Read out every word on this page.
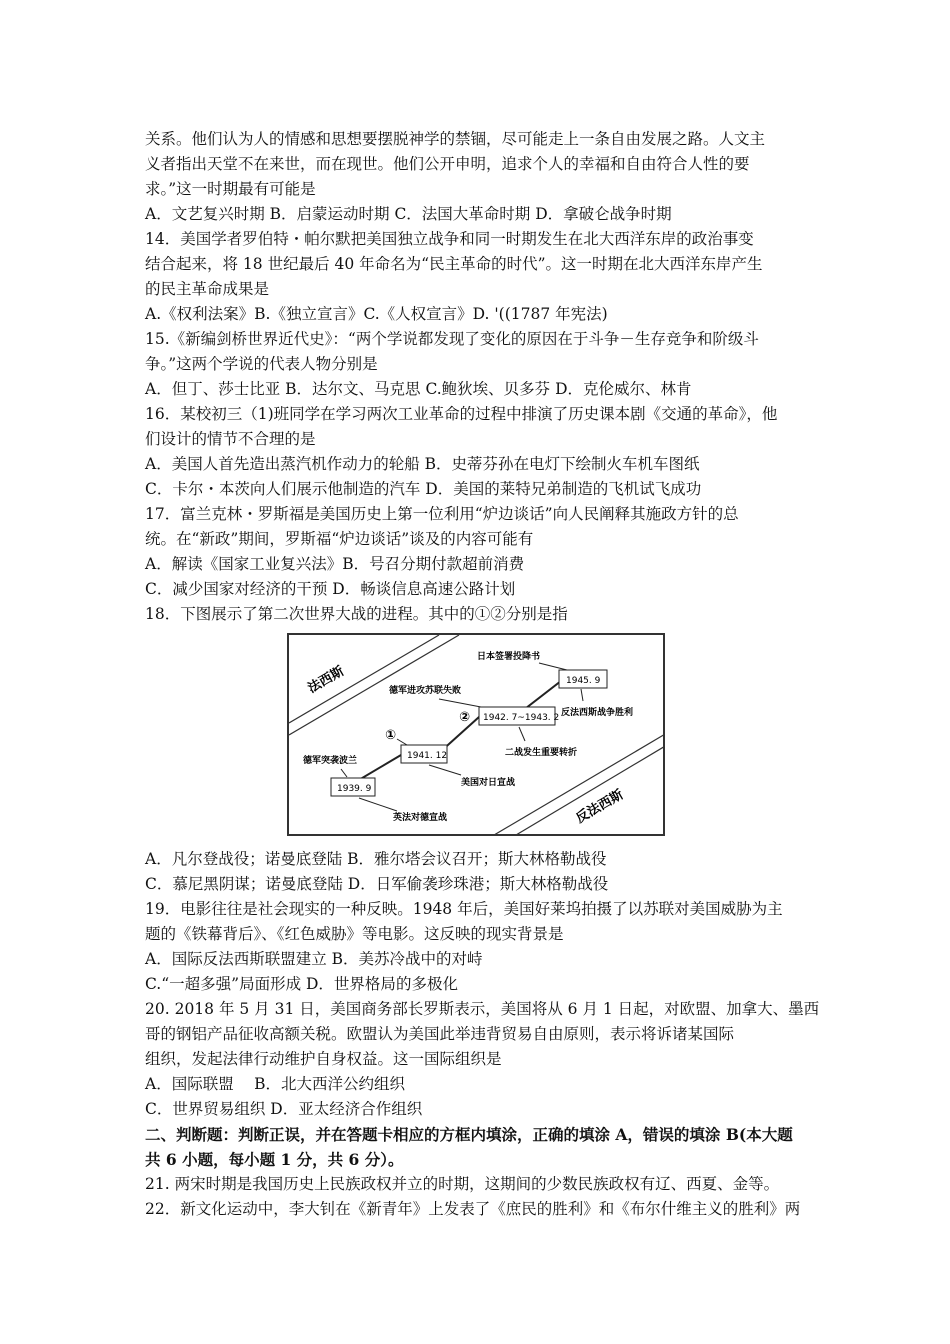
关系。他们认为人的情感和思想要摆脱神学的禁锢，尽可能走上一条自由发展之路。人文主
义者指出天堂不在来世，而在现世。他们公开申明，追求个人的幸福和自由符合人性的要
求。”这一时期最有可能是
A．文艺复兴时期 B．启蒙运动时期 C．法国大革命时期 D．拿破仑战争时期
14．美国学者罗伯特・帕尔默把美国独立战争和同一时期发生在北大西洋东岸的政治事变
结合起来，将 18 世纪最后 40 年命名为“民主革命的时代”。这一时期在北大西洋东岸产生
的民主革命成果是
A.《权利法案》B.《独立宣言》C.《人权宣言》D. '((1787 年宪法)
15.《新编剑桥世界近代史》：“两个学说都发现了变化的原因在于斗争－生存竞争和阶级斗
争。”这两个学说的代表人物分别是
A．但丁、莎士比亚 B．达尔文、马克思 C.鲍狄埃、贝多芬 D．克伦威尔、林肯
16．某校初三（1)班同学在学习两次工业革命的过程中排演了历史课本剧《交通的革命》，他
们设计的情节不合理的是
A．美国人首先造出蒸汽机作动力的轮船 B．史蒂芬孙在电灯下绘制火车机车图纸
C．卡尔・本茨向人们展示他制造的汽车 D．美国的莱特兄弟制造的飞机试飞成功
17．富兰克林・罗斯福是美国历史上第一位利用“炉边谈话”向人民阐释其施政方针的总
统。在“新政”期间，罗斯福“炉边谈话”谈及的内容可能有
A．解读《国家工业复兴法》B．号召分期付款超前消费
C．减少国家对经济的干预 D．畅谈信息高速公路计划
18．下图展示了第二次世界大战的进程。其中的①②分别是指
法西斯
反法西斯
1939. 9
1941. 12
1942. 7~1943. 2
1945. 9
德军突袭波兰
英法对德宣战
美国对日宣战
德军进攻苏联失败
二战发生重要转折
日本签署投降书
反法西斯战争胜利
①
②
A．凡尔登战役；诺曼底登陆 B．雅尔塔会议召开；斯大林格勒战役
C．慕尼黑阴谋；诺曼底登陆 D．日军偷袭珍珠港；斯大林格勒战役
19．电影往往是社会现实的一种反映。1948 年后，美国好莱坞拍摄了以苏联对美国威胁为主
题的《铁幕背后》、《红色威胁》等电影。这反映的现实背景是
A．国际反法西斯联盟建立 B．美苏冷战中的对峙
C.“一超多强”局面形成 D．世界格局的多极化
20. 2018 年 5 月 31 日，美国商务部长罗斯表示，美国将从 6 月 1 日起，对欧盟、加拿大、墨西
哥的钢铝产品征收高额关税。欧盟认为美国此举违背贸易自由原则，表示将诉诸某国际
组织，发起法律行动维护自身权益。这一国际组织是
A．国际联盟　 B．北大西洋公约组织
C．世界贸易组织 D．亚太经济合作组织
二、判断题：判断正误，并在答题卡相应的方框内填涂，正确的填涂 A，错误的填涂 B(本大题
共 6 小题，每小题 1 分，共 6 分）。
21. 两宋时期是我国历史上民族政权并立的时期，这期间的少数民族政权有辽、西夏、金等。
22．新文化运动中，李大钊在《新青年》上发表了《庶民的胜利》和《布尔什维主义的胜利》两
